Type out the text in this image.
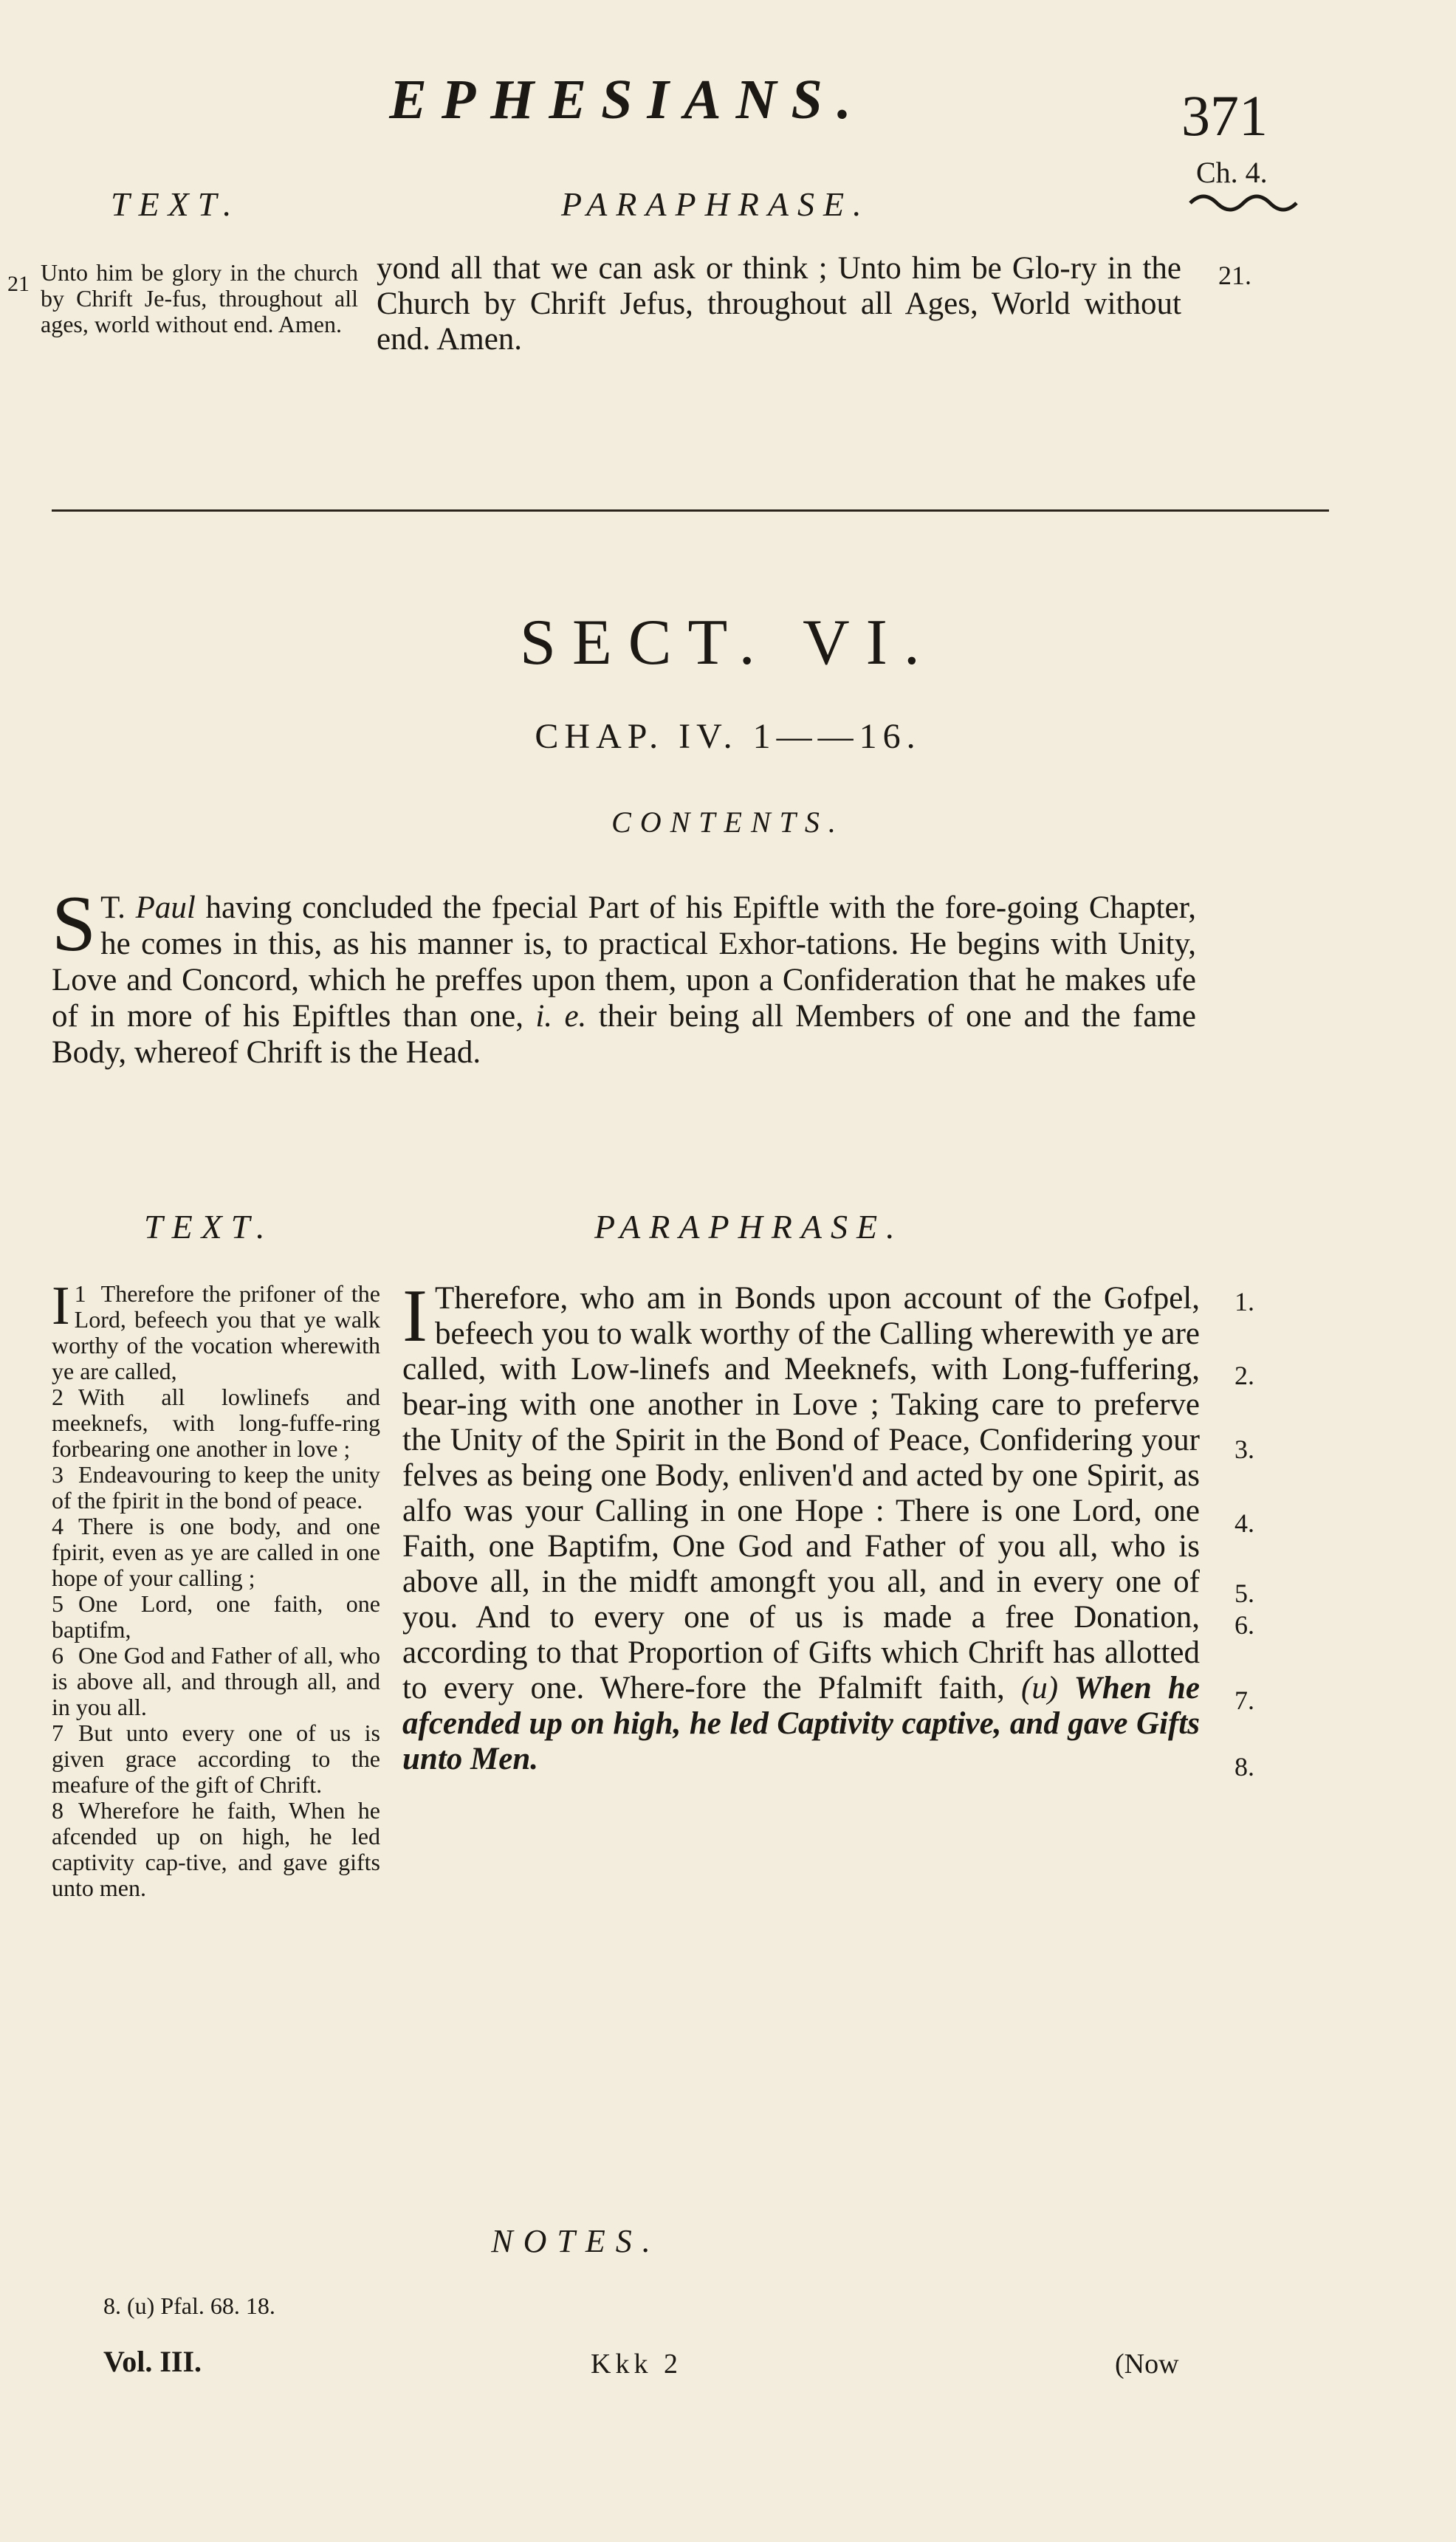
EPHESIANS.	371
Ch. 4.
TEXT.	PARAPHRASE.
21 Unto him be glory in the church by Chrift Je-fus, throughout all ages, world without end. Amen.
yond all that we can ask or think ; Unto him be Glo-ry in the Church by Chrift Jefus, throughout all Ages, World without end. Amen.
21.
SECT. VI.
CHAP. IV. 1——16.
CONTENTS.
S T. Paul having concluded the fpecial Part of his Epiftle with the fore-going Chapter, he comes in this, as his manner is, to practical Exhor-tations. He begins with Unity, Love and Concord, which he preffes upon them, upon a Confideration that he makes ufe of in more of his Epiftles than one, i. e. their being all Members of one and the fame Body, whereof Chrift is the Head.
TEXT.	PARAPHRASE.
1
I Therefore the prifoner of the Lord, befeech you that ye walk worthy of the vocation wherewith ye are called,
2 With all lowlinefs and meeknefs, with long-fuffe-ring forbearing one another in love ;
3 Endeavouring to keep the unity of the fpirit in the bond of peace.
4 There is one body, and one fpirit, even as ye are called in one hope of your calling ;
5 One Lord, one faith, one baptifm,
6 One God and Father of all, who is above all, and through all, and in you all.
7 But unto every one of us is given grace according to the meafure of the gift of Chrift.
8 Wherefore he faith, When he afcended up on high, he led captivity cap-tive, and gave gifts unto men.
I Therefore, who am in Bonds upon account of the Gofpel, befeech you to walk worthy of the Calling wherewith ye are called, with Low-linefs and Meeknefs, with Long-fuffering, bear-ing with one another in Love ; Taking care to preferve the Unity of the Spirit in the Bond of Peace, Confidering your felves as being one Body, enliven'd and acted by one Spirit, as alfo was your Calling in one Hope : There is one Lord, one Faith, one Baptifm, One God and Father of you all, who is above all, in the midft amongft you all, and in every one of you. And to every one of us is made a free Donation, according to that Proportion of Gifts which Chrift has allotted to every one. Where-fore the Pfalmift faith, (u) When he afcended up on high, he led Captivity captive, and gave Gifts unto Men.
1.
2.
3.
4.
5.
6.
7.
8.
NOTES.
8. (u) Pfal. 68. 18.
Vol. III.	Kkk 2	(Now
